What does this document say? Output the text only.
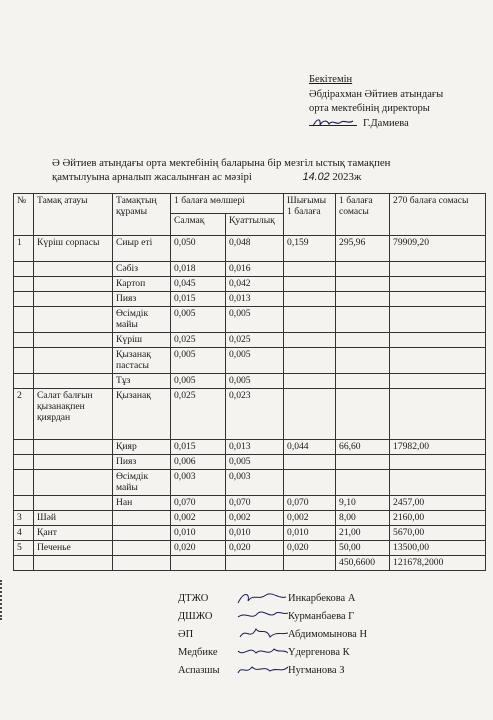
Бекітемін
Әбдірахман Әйтиев атындағы
орта мектебінің директоры
Г.Дамиева
Ә Әйтиев атындағы орта мектебінің баларына бір мезгіл ыстық тамақпен
қамтылуына арналып жасалынған ас мәзірі	14.02 2023ж
№	Тамақ атауы	Тамақтың құрамы	1 балаға мөлшері		Шығымы 1 балаға	1 балаға сомасы	270 балаға сомасы
			Салмақ	Қуаттылық			
1	Күріш сорпасы	Сиыр еті	0,050	0,048	0,159	295,96	79909,20
		Сәбіз	0,018	0,016			
		Картоп	0,045	0,042			
		Пияз	0,015	0,013			
		Өсімдік майы	0,005	0,005			
		Күріш	0,025	0,025			
		Қызанақ пастасы	0,005	0,005			
		Тұз	0,005	0,005			
2	Салат балғын қызанақпен қиярдан	Қызанақ	0,025	0,023			
		Қияр	0,015	0,013	0,044	66,60	17982,00
		Пияз	0,006	0,005			
		Өсімдік майы	0,003	0,003			
		Нан	0,070	0,070	0,070	9,10	2457,00
3	Шәй		0,002	0,002	0,002	8,00	2160,00
4	Қант		0,010	0,010	0,010	21,00	5670,00
5	Печенье		0,020	0,020	0,020	50,00	13500,00
						450,6600	121678,2000
ДТЖО	Инкарбекова А
ДШЖО	Курманбаева Г
ӘП	Абдимомынова Н
Медбике	Үдергенова К
Аспазшы	Нугманова З
